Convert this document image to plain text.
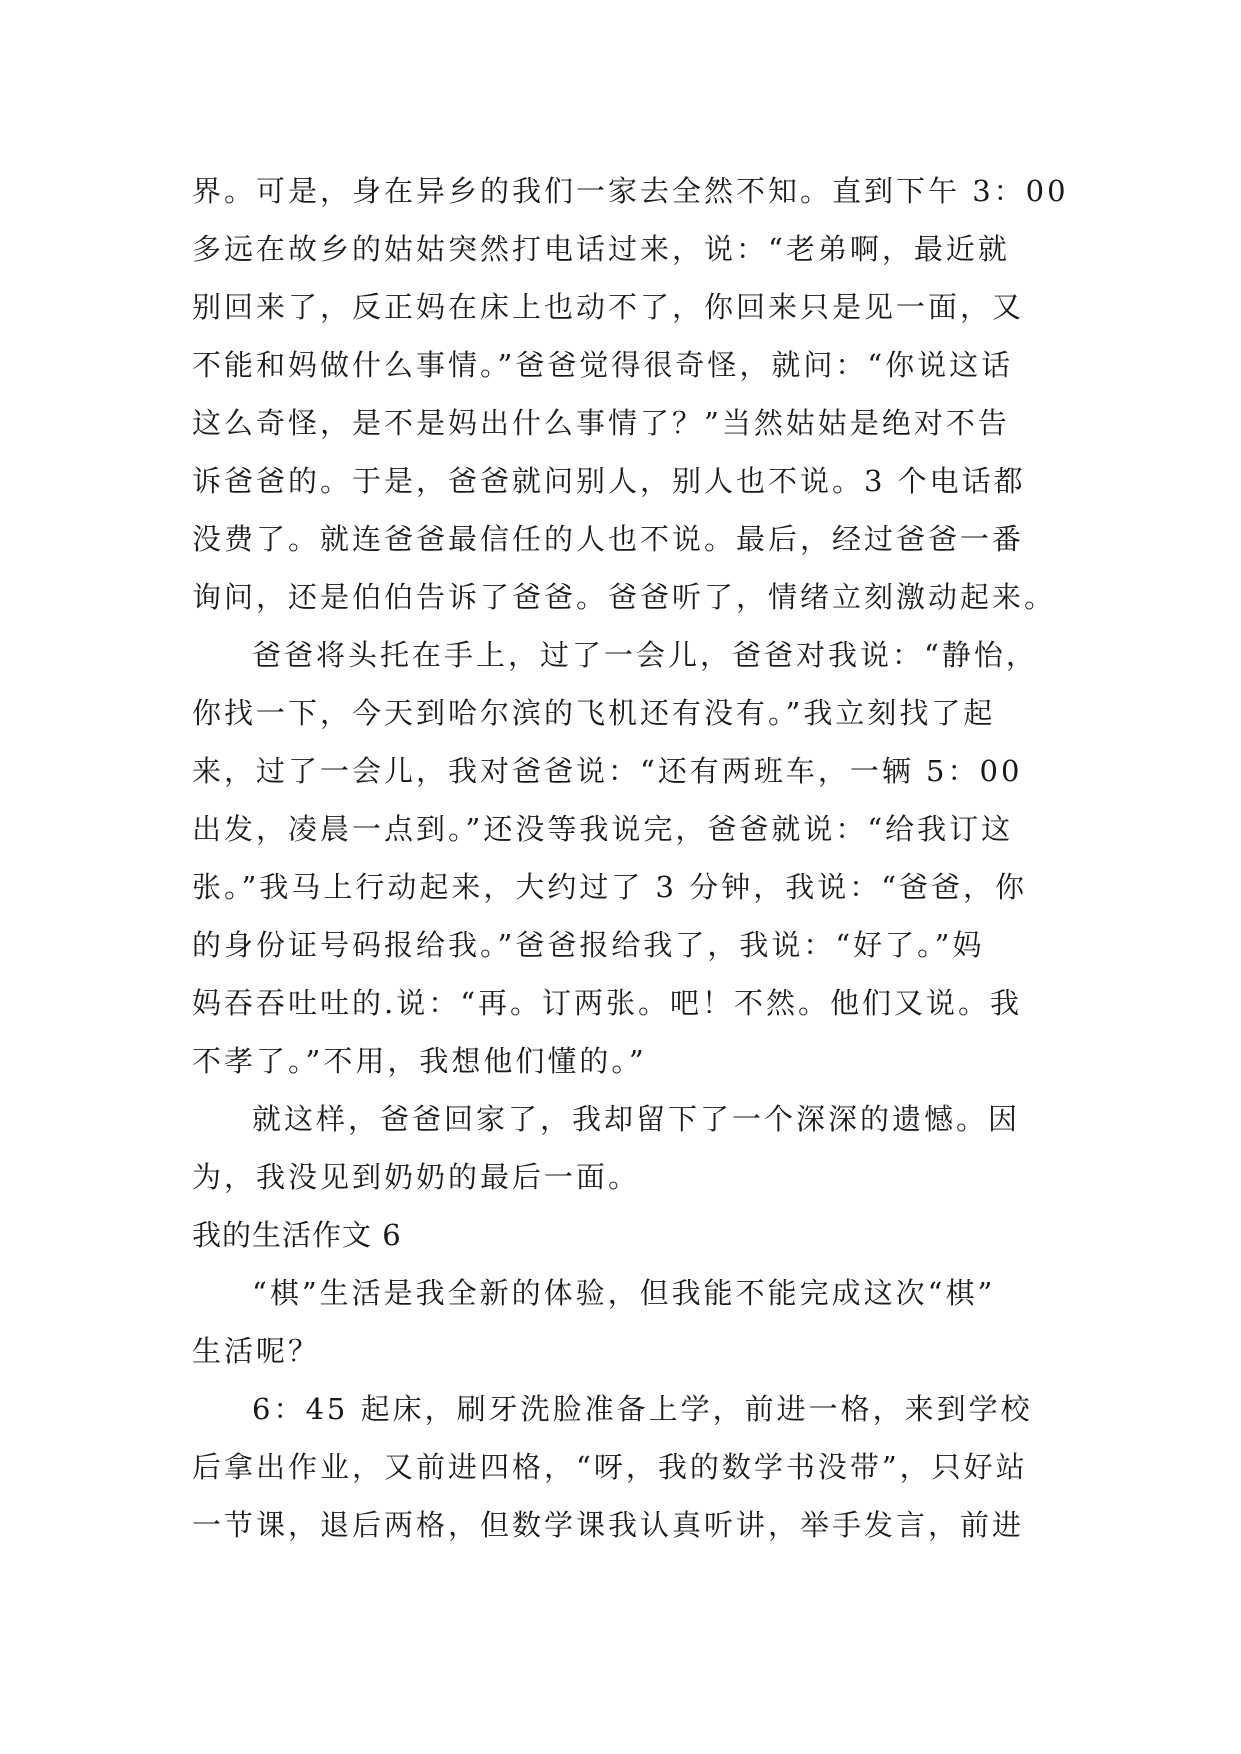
界。可是，身在异乡的我们一家去全然不知。直到下午 3：00
多远在故乡的姑姑突然打电话过来，说：“老弟啊，最近就
别回来了，反正妈在床上也动不了，你回来只是见一面，又
不能和妈做什么事情。”爸爸觉得很奇怪，就问：“你说这话
这么奇怪，是不是妈出什么事情了？”当然姑姑是绝对不告
诉爸爸的。于是，爸爸就问别人，别人也不说。3 个电话都
没费了。就连爸爸最信任的人也不说。最后，经过爸爸一番
询问，还是伯伯告诉了爸爸。爸爸听了，情绪立刻激动起来。
爸爸将头托在手上，过了一会儿，爸爸对我说：“静怡，
你找一下，今天到哈尔滨的飞机还有没有。”我立刻找了起
来，过了一会儿，我对爸爸说：“还有两班车，一辆 5：00
出发，凌晨一点到。”还没等我说完，爸爸就说：“给我订这
张。”我马上行动起来，大约过了 3 分钟，我说：“爸爸，你
的身份证号码报给我。”爸爸报给我了，我说：“好了。”妈
妈吞吞吐吐的.说：“再。订两张。吧！不然。他们又说。我
不孝了。”不用，我想他们懂的。”
就这样，爸爸回家了，我却留下了一个深深的遗憾。因
为，我没见到奶奶的最后一面。
我的生活作文 6
“棋”生活是我全新的体验，但我能不能完成这次“棋”
生活呢？
6：45 起床，刷牙洗脸准备上学，前进一格，来到学校
后拿出作业，又前进四格，“呀，我的数学书没带”，只好站
一节课，退后两格，但数学课我认真听讲，举手发言，前进
